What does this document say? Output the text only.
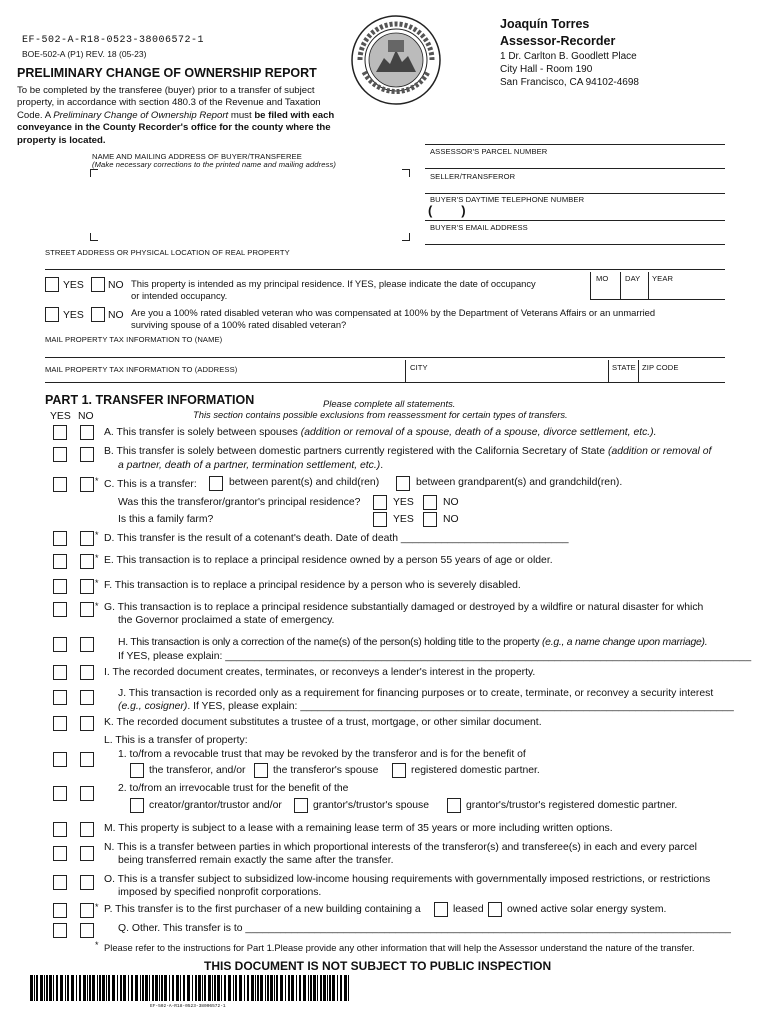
EF-502-A-R18-0523-38006572-1
BOE-502-A (P1) REV. 18 (05-23)
PRELIMINARY CHANGE OF OWNERSHIP REPORT
To be completed by the transferee (buyer) prior to a transfer of subject property, in accordance with section 480.3 of the Revenue and Taxation Code. A Preliminary Change of Ownership Report must be filed with each conveyance in the County Recorder's office for the county where the property is located.
Joaquín Torres
Assessor-Recorder
1 Dr. Carlton B. Goodlett Place
City Hall - Room 190
San Francisco, CA 94102-4698
NAME AND MAILING ADDRESS OF BUYER/TRANSFEREE
(Make necessary corrections to the printed name and mailing address)
ASSESSOR'S PARCEL NUMBER
SELLER/TRANSFEROR
BUYER'S DAYTIME TELEPHONE NUMBER
(        )
BUYER'S EMAIL ADDRESS
STREET ADDRESS OR PHYSICAL LOCATION OF REAL PROPERTY
YES NO This property is intended as my principal residence. If YES, please indicate the date of occupancy
or intended occupancy.
MO DAY YEAR
YES NO Are you a 100% rated disabled veteran who was compensated at 100% by the Department of Veterans Affairs or an unmarried
surviving spouse of a 100% rated disabled veteran?
MAIL PROPERTY TAX INFORMATION TO (NAME)
MAIL PROPERTY TAX INFORMATION TO (ADDRESS)	CITY	STATE ZIP CODE
PART 1. TRANSFER INFORMATION	Please complete all statements.
This section contains possible exclusions from reassessment for certain types of transfers.
YES NO
A. This transfer is solely between spouses (addition or removal of a spouse, death of a spouse, divorce settlement, etc.).
B. This transfer is solely between domestic partners currently registered with the California Secretary of State (addition or removal of
a partner, death of a partner, termination settlement, etc.).
* C. This is a transfer:	between parent(s) and child(ren)	between grandparent(s) and grandchild(ren).
Was this the transferor/grantor's principal residence?	YES	NO
Is this a family farm?	YES	NO
* D. This transfer is the result of a cotenant's death. Date of death _____________________________
* E. This transaction is to replace a principal residence owned by a person 55 years of age or older.
* F. This transaction is to replace a principal residence by a person who is severely disabled.
* G. This transaction is to replace a principal residence substantially damaged or destroyed by a wildfire or natural disaster for which
the Governor proclaimed a state of emergency.
H. This transaction is only a correction of the name(s) of the person(s) holding title to the property (e.g., a name change upon marriage).
If YES, please explain: ___________________________________________________________________________________________
I. The recorded document creates, terminates, or reconveys a lender's interest in the property.
J. This transaction is recorded only as a requirement for financing purposes or to create, terminate, or reconvey a security interest
(e.g., cosigner). If YES, please explain: ___________________________________________________________________________
K. The recorded document substitutes a trustee of a trust, mortgage, or other similar document.
L. This is a transfer of property:
1. to/from a revocable trust that may be revoked by the transferor and is for the benefit of
the transferor, and/or	the transferor's spouse	registered domestic partner.
2. to/from an irrevocable trust for the benefit of the
creator/grantor/trustor and/or	grantor's/trustor's spouse	grantor's/trustor's registered domestic partner.
M. This property is subject to a lease with a remaining lease term of 35 years or more including written options.
N. This is a transfer between parties in which proportional interests of the transferor(s) and transferee(s) in each and every parcel
being transferred remain exactly the same after the transfer.
O. This is a transfer subject to subsidized low-income housing requirements with governmentally imposed restrictions, or restrictions
imposed by specified nonprofit corporations.
* P. This transfer is to the first purchaser of a new building containing a	leased owned active solar energy system.
Q. Other. This transfer is to ____________________________________________________________________________________
* Please refer to the instructions for Part 1.Please provide any other information that will help the Assessor understand the nature of the transfer.
THIS DOCUMENT IS NOT SUBJECT TO PUBLIC INSPECTION
EF-502-A-R18-0523-38006572-1
